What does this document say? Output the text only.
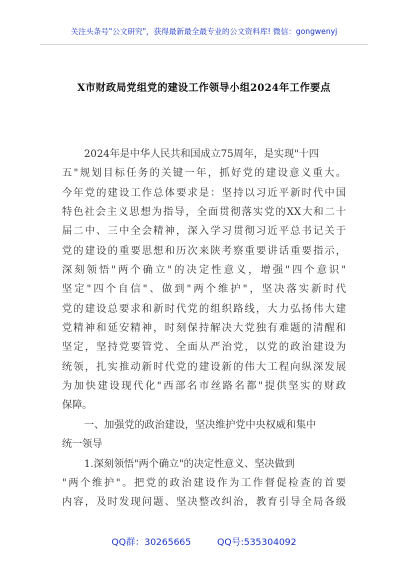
关注头条号"公文研究"，获得最新最全最专业的公文资料库! 微信：gongwenyj
X市财政局党组党的建设工作领导小组2024年工作要点
2024年是中华人民共和国成立75周年，是实现"十四
五"规划目标任务的关键一年，抓好党的建设意义重大。
今年党的建设工作总体要求是：坚持以习近平新时代中国
特色社会主义思想为指导，全面贯彻落实党的XX大和二十
届二中、三中全会精神，深入学习贯彻习近平总书记关于
党的建设的重要思想和历次来陕考察重要讲话重要指示，
深刻领悟"两个确立"的决定性意义，增强"四个意识"
坚定"四个自信"、做到"两个维护"，坚决落实新时代
党的建设总要求和新时代党的组织路线，大力弘扬伟大建
党精神和延安精神，时刻保持解决大党独有难题的清醒和
坚定，坚持党要管党、全面从严治党，以党的政治建设为
统领，扎实推动新时代党的建设新的伟大工程向纵深发展
为加快建设现代化"西部名市丝路名都"提供坚实的财政
保障。
一、加强党的政治建设，坚决维护党中央权威和集中
统一领导
1.深刻领悟"两个确立"的决定性意义、坚决做到
"两个维护"。把党的政治建设作为工作督促检查的首要
内容，及时发现问题、坚决整改纠治，教育引导全局各级
QQ群：30265665	QQ号:535304092
